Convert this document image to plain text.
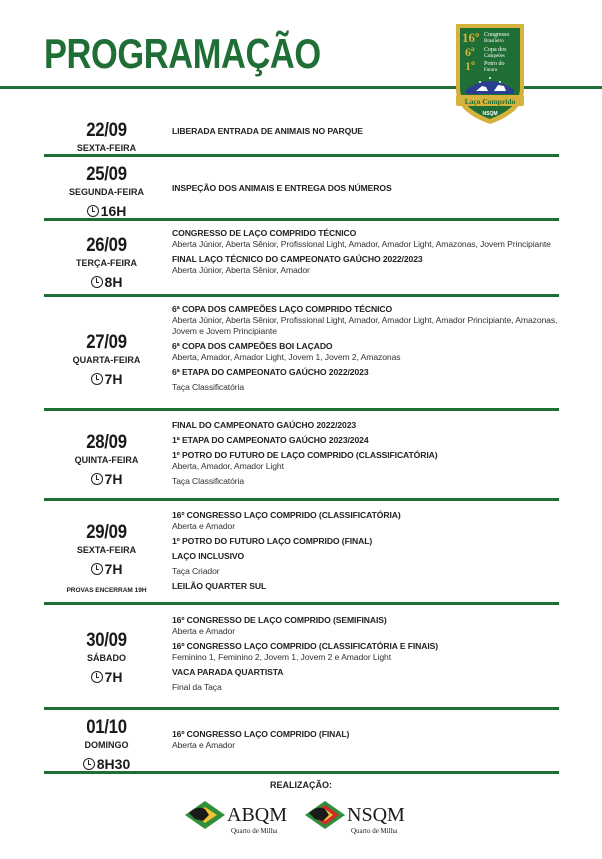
PROGRAMAÇÃO	16º Congresso
Brasileiro
6ª Copa dos
Campeões
1º Potro do
Futuro
Laço Comprido
NSQM
22/09
SEXTA-FEIRA
LIBERADA ENTRADA DE ANIMAIS NO PARQUE
25/09
SEGUNDA-FEIRA
16H
INSPEÇÃO DOS ANIMAIS E ENTREGA DOS NÚMEROS
26/09
TERÇA-FEIRA
8H
CONGRESSO DE LAÇO COMPRIDO TÉCNICO
Aberta Júnior, Aberta Sênior, Profissional Light, Amador, Amador Light, Amazonas, Jovem Principiante
FINAL LAÇO TÉCNICO DO CAMPEONATO GAÚCHO 2022/2023
Aberta Júnior, Aberta Sênior, Amador
27/09
QUARTA-FEIRA
7H
6ª COPA DOS CAMPEÕES LAÇO COMPRIDO TÉCNICO
Aberta Júnior, Aberta Sênior, Profissional Light, Amador, Amador Light, Amador Principiante, Amazonas, Jovem e Jovem Principiante
6ª COPA DOS CAMPEÕES BOI LAÇADO
Aberta, Amador, Amador Light, Jovem 1, Jovem 2, Amazonas
6ª ETAPA DO CAMPEONATO GAÚCHO 2022/2023
Taça Classificatória
28/09
QUINTA-FEIRA
7H
FINAL DO CAMPEONATO GAÚCHO 2022/2023
1ª ETAPA DO CAMPEONATO GAÚCHO 2023/2024
1º POTRO DO FUTURO DE LAÇO COMPRIDO (CLASSIFICATÓRIA)
Aberta, Amador, Amador Light
Taça Classificatória
29/09
SEXTA-FEIRA
7H
PROVAS ENCERRAM 19H
16º CONGRESSO LAÇO COMPRIDO (CLASSIFICATÓRIA)
Aberta e Amador
1º POTRO DO FUTURO LAÇO COMPRIDO (FINAL)
LAÇO INCLUSIVO
Taça Criador
LEILÃO QUARTER SUL
30/09
SÁBADO
7H
16º CONGRESSO DE LAÇO COMPRIDO (SEMIFINAIS)
Aberta e Amador
16º CONGRESSO LAÇO COMPRIDO (CLASSIFICATÓRIA E FINAIS)
Feminino 1, Feminino 2, Jovem 1, Jovem 2 e Amador Light
VACA PARADA QUARTISTA
Final da Taça
01/10
DOMINGO
8H30
16º CONGRESSO LAÇO COMPRIDO (FINAL)
Aberta e Amador
REALIZAÇÃO:
ABQM
Quarto de Milha
NSQM
Quarto de Milha
